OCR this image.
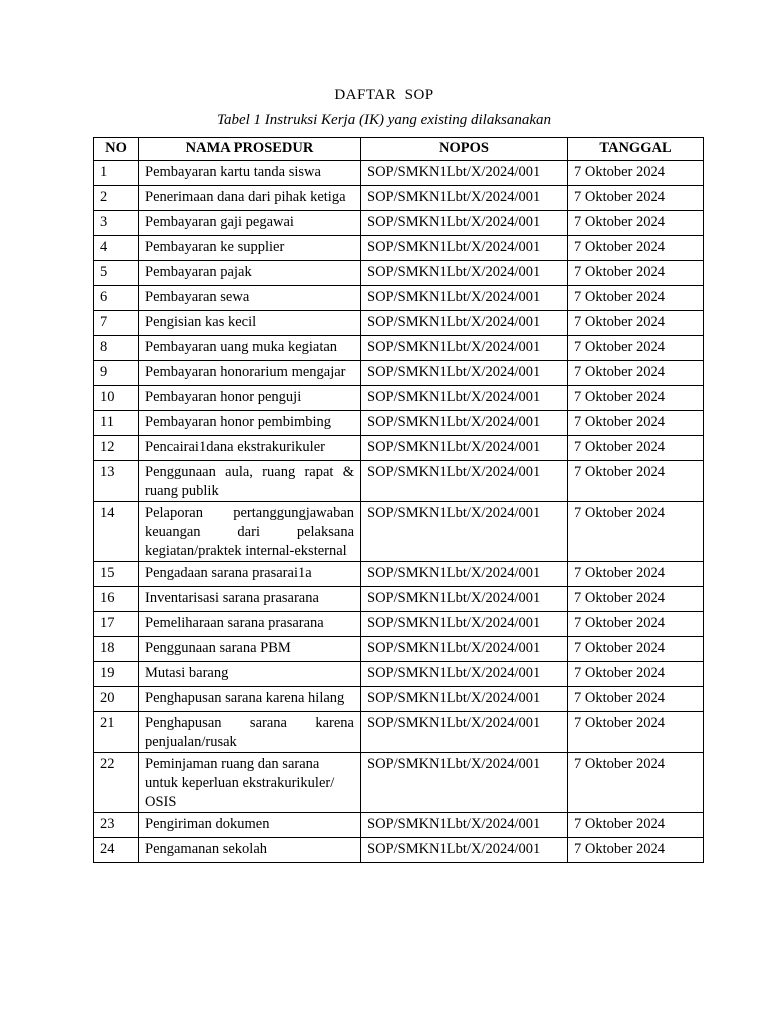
DAFTAR  SOP
Tabel 1 Instruksi Kerja (IK) yang existing dilaksanakan
NO	NAMA PROSEDUR	NOPOS	TANGGAL
1	Pembayaran kartu tanda siswa	SOP/SMKN1Lbt/X/2024/001	7 Oktober 2024
2	Penerimaan dana dari pihak ketiga	SOP/SMKN1Lbt/X/2024/001	7 Oktober 2024
3	Pembayaran gaji pegawai	SOP/SMKN1Lbt/X/2024/001	7 Oktober 2024
4	Pembayaran ke supplier	SOP/SMKN1Lbt/X/2024/001	7 Oktober 2024
5	Pembayaran pajak	SOP/SMKN1Lbt/X/2024/001	7 Oktober 2024
6	Pembayaran sewa	SOP/SMKN1Lbt/X/2024/001	7 Oktober 2024
7	Pengisian kas kecil	SOP/SMKN1Lbt/X/2024/001	7 Oktober 2024
8	Pembayaran uang muka kegiatan	SOP/SMKN1Lbt/X/2024/001	7 Oktober 2024
9	Pembayaran honorarium mengajar	SOP/SMKN1Lbt/X/2024/001	7 Oktober 2024
10	Pembayaran honor penguji	SOP/SMKN1Lbt/X/2024/001	7 Oktober 2024
11	Pembayaran honor pembimbing	SOP/SMKN1Lbt/X/2024/001	7 Oktober 2024
12	Pencairai1dana ekstrakurikuler	SOP/SMKN1Lbt/X/2024/001	7 Oktober 2024
13	Penggunaan aula, ruang rapat & ruang publik	SOP/SMKN1Lbt/X/2024/001	7 Oktober 2024
14	Pelaporan pertanggungjawaban keuangan dari pelaksana kegiatan/praktek internal-eksternal	SOP/SMKN1Lbt/X/2024/001	7 Oktober 2024
15	Pengadaan sarana prasarai1a	SOP/SMKN1Lbt/X/2024/001	7 Oktober 2024
16	Inventarisasi sarana prasarana	SOP/SMKN1Lbt/X/2024/001	7 Oktober 2024
17	Pemeliharaan sarana prasarana	SOP/SMKN1Lbt/X/2024/001	7 Oktober 2024
18	Penggunaan sarana PBM	SOP/SMKN1Lbt/X/2024/001	7 Oktober 2024
19	Mutasi barang	SOP/SMKN1Lbt/X/2024/001	7 Oktober 2024
20	Penghapusan sarana karena hilang	SOP/SMKN1Lbt/X/2024/001	7 Oktober 2024
21	Penghapusan sarana karena penjualan/rusak	SOP/SMKN1Lbt/X/2024/001	7 Oktober 2024
22	Peminjaman ruang dan sarana untuk keperluan ekstrakurikuler/ OSIS	SOP/SMKN1Lbt/X/2024/001	7 Oktober 2024
23	Pengiriman dokumen	SOP/SMKN1Lbt/X/2024/001	7 Oktober 2024
24	Pengamanan sekolah	SOP/SMKN1Lbt/X/2024/001	7 Oktober 2024
